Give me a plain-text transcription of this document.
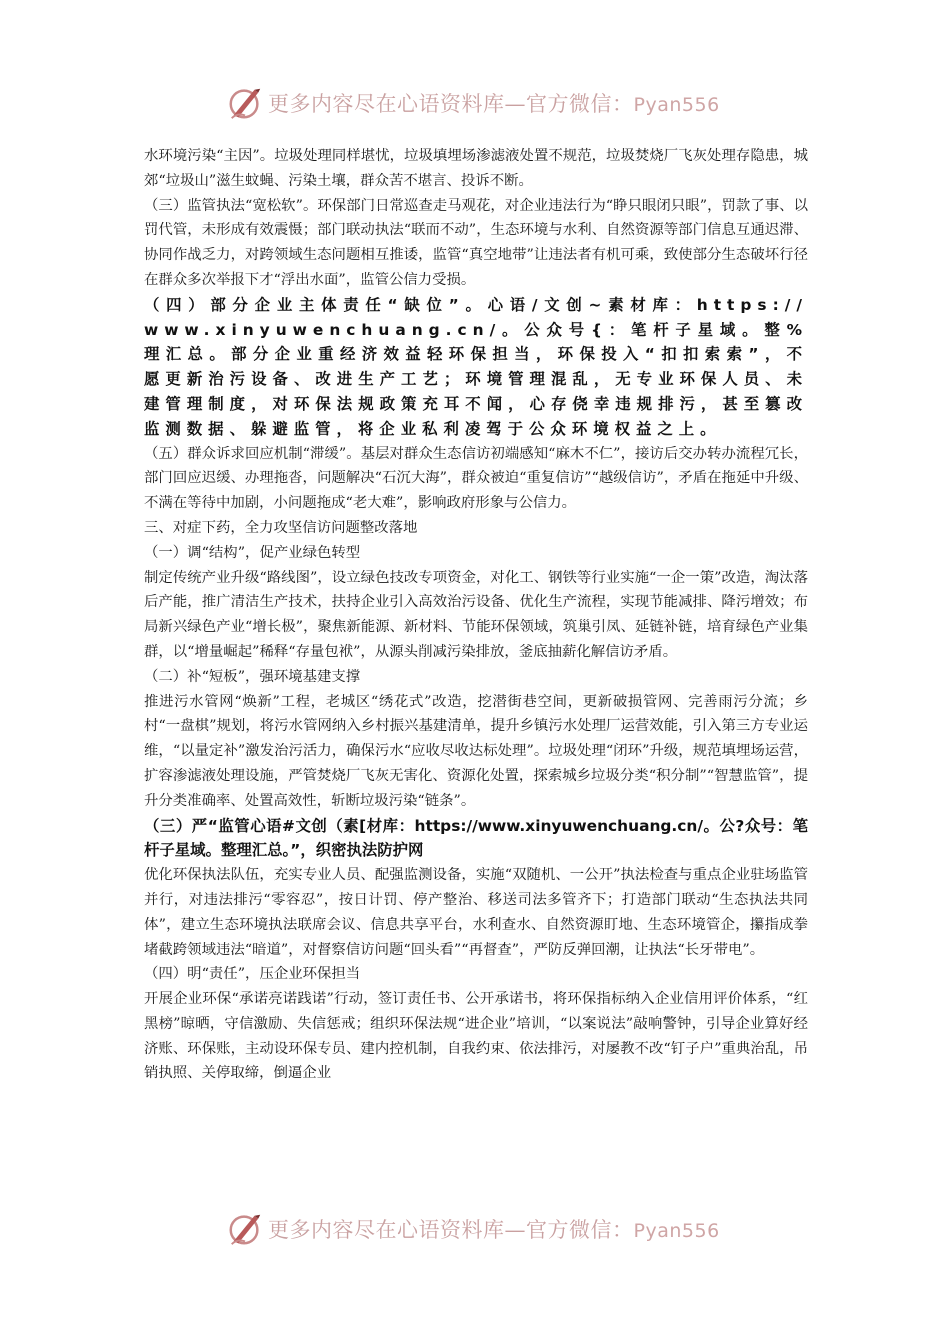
更多内容尽在心语资料库—官方微信：Pyan556

水环境污染“主因”。垃圾处理同样堪忧，垃圾填埋场渗滤液处置不规范，垃圾焚烧厂飞灰处理存隐患，城郊“垃圾山”滋生蚊蝇、污染土壤，群众苦不堪言、投诉不断。

（三）监管执法“宽松软”。环保部门日常巡查走马观花，对企业违法行为“睁只眼闭只眼”，罚款了事、以罚代管，未形成有效震慑；部门联动执法“联而不动”，生态环境与水利、自然资源等部门信息互通迟滞、协同作战乏力，对跨领域生态问题相互推诿，监管“真空地带”让违法者有机可乘，致使部分生态破坏行径在群众多次举报下才“浮出水面”，监管公信力受损。

（四）部分企业主体责任“缺位”。心语/文创~素材库：https://www.xinyuwenchuang.cn/。公众号{：笔杆子星域。整%理汇总。部分企业重经济效益轻环保担当，环保投入“扣扣索索”，不愿更新治污设备、改进生产工艺；环境管理混乱，无专业环保人员、未建管理制度，对环保法规政策充耳不闻，心存侥幸违规排污，甚至篡改监测数据、躲避监管，将企业私利凌驾于公众环境权益之上。

（五）群众诉求回应机制“滞缓”。基层对群众生态信访初端感知“麻木不仁”，接访后交办转办流程冗长，部门回应迟缓、办理拖沓，问题解决“石沉大海”，群众被迫“重复信访”“越级信访”，矛盾在拖延中升级、不满在等待中加剧，小问题拖成“老大难”，影响政府形象与公信力。

三、对症下药，全力攻坚信访问题整改落地

（一）调“结构”，促产业绿色转型

制定传统产业升级“路线图”，设立绿色技改专项资金，对化工、钢铁等行业实施“一企一策”改造，淘汰落后产能，推广清洁生产技术，扶持企业引入高效治污设备、优化生产流程，实现节能减排、降污增效；布局新兴绿色产业“增长极”，聚焦新能源、新材料、节能环保领域，筑巢引凤、延链补链，培育绿色产业集群，以“增量崛起”稀释“存量包袱”，从源头削减污染排放，釜底抽薪化解信访矛盾。

（二）补“短板”，强环境基建支撑

推进污水管网“焕新”工程，老城区“绣花式”改造，挖潜街巷空间，更新破损管网、完善雨污分流；乡村“一盘棋”规划，将污水管网纳入乡村振兴基建清单，提升乡镇污水处理厂运营效能，引入第三方专业运维，“以量定补”激发治污活力，确保污水“应收尽收达标处理”。垃圾处理“闭环”升级，规范填埋场运营，扩容渗滤液处理设施，严管焚烧厂飞灰无害化、资源化处置，探索城乡垃圾分类“积分制”“智慧监管”，提升分类准确率、处置高效性，斩断垃圾污染“链条”。

（三）严“监管心语#文创（素[材库：https://www.xinyuwenchuang.cn/。公?众号：笔杆子星域。整理汇总。”，织密执法防护网

优化环保执法队伍，充实专业人员、配强监测设备，实施“双随机、一公开”执法检查与重点企业驻场监管并行，对违法排污“零容忍”，按日计罚、停产整治、移送司法多管齐下；打造部门联动“生态执法共同体”，建立生态环境执法联席会议、信息共享平台，水利查水、自然资源盯地、生态环境管企，攥指成拳堵截跨领域违法“暗道”，对督察信访问题“回头看”“再督查”，严防反弹回潮，让执法“长牙带电”。

（四）明“责任”，压企业环保担当

开展企业环保“承诺亮诺践诺”行动，签订责任书、公开承诺书，将环保指标纳入企业信用评价体系，“红黑榜”晾晒，守信激励、失信惩戒；组织环保法规“进企业”培训，“以案说法”敲响警钟，引导企业算好经济账、环保账，主动设环保专员、建内控机制，自我约束、依法排污，对屡教不改“钉子户”重典治乱，吊销执照、关停取缔，倒逼企业

更多内容尽在心语资料库—官方微信：Pyan556
